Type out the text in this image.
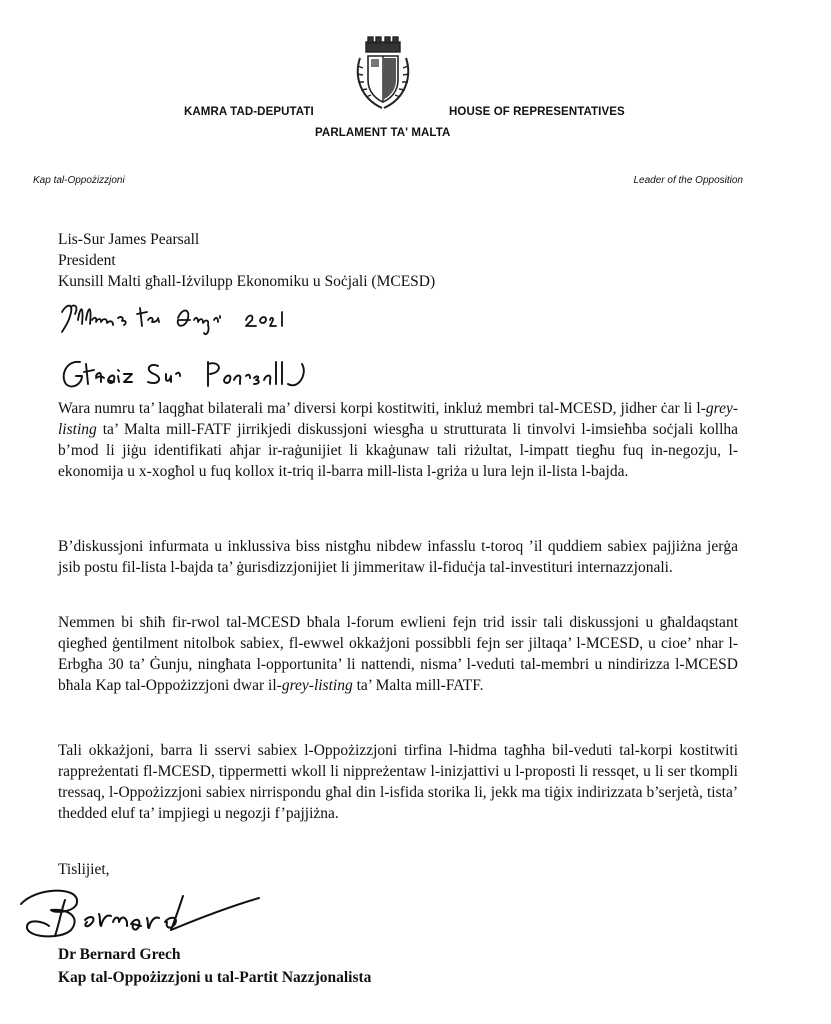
KAMRA TAD-DEPUTATI	HOUSE OF REPRESENTATIVES
PARLAMENT TA' MALTA
Kap tal-Oppożizzjoni	Leader of the Opposition
Lis-Sur James Pearsall
President
Kunsill Malti għall-Iżvilupp Ekonomiku u Soċjali (MCESD)
Wara numru ta’ laqgħat bilaterali ma’ diversi korpi kostitwiti, inkluż membri tal-MCESD, jidher ċar li l-grey-listing ta’ Malta mill-FATF jirrikjedi diskussjoni wiesgħa u strutturata li tinvolvi l-imsieħba soċjali kollha b’mod li jiġu identifikati aħjar ir-raġunijiet li kkaġunaw tali riżultat, l-impatt tiegħu fuq in-negozju, l-ekonomija u x-xogħol u fuq kollox it-triq il-barra mill-lista l-griża u lura lejn il-lista l-bajda.
B’diskussjoni infurmata u inklussiva biss nistgħu nibdew infasslu t-toroq ’il quddiem sabiex pajjiżna jerġa jsib postu fil-lista l-bajda ta’ ġurisdizzjonijiet li jimmeritaw il-fiduċja tal-investituri internazzjonali.
Nemmen bi sħiħ fir-rwol tal-MCESD bħala l-forum ewlieni fejn trid issir tali diskussjoni u għaldaqstant qiegħed ġentilment nitolbok sabiex, fl-ewwel okkażjoni possibbli fejn ser jiltaqa’ l-MCESD, u cioe’ nhar l-Erbgħa 30 ta’ Ġunju, ningħata l-opportunita’ li nattendi, nisma’ l-veduti tal-membri u nindirizza l-MCESD bħala Kap tal-Oppożizzjoni dwar il-grey-listing ta’ Malta mill-FATF.
Tali okkażjoni, barra li sservi sabiex l-Oppożizzjoni tirfina l-ħidma tagħha bil-veduti tal-korpi kostitwiti rappreżentati fl-MCESD, tippermetti wkoll li nippreżentaw l-inizjattivi u l-proposti li ressqet, u li ser tkompli tressaq, l-Oppożizzjoni sabiex nirrispondu għal din l-isfida storika li, jekk ma tiġix indirizzata b’serjetà, tista’ thedded eluf ta’ impjiegi u negozji f’pajjiżna.
Tislijiet,
Dr Bernard Grech
Kap tal-Oppożizzjoni u tal-Partit Nazzjonalista
